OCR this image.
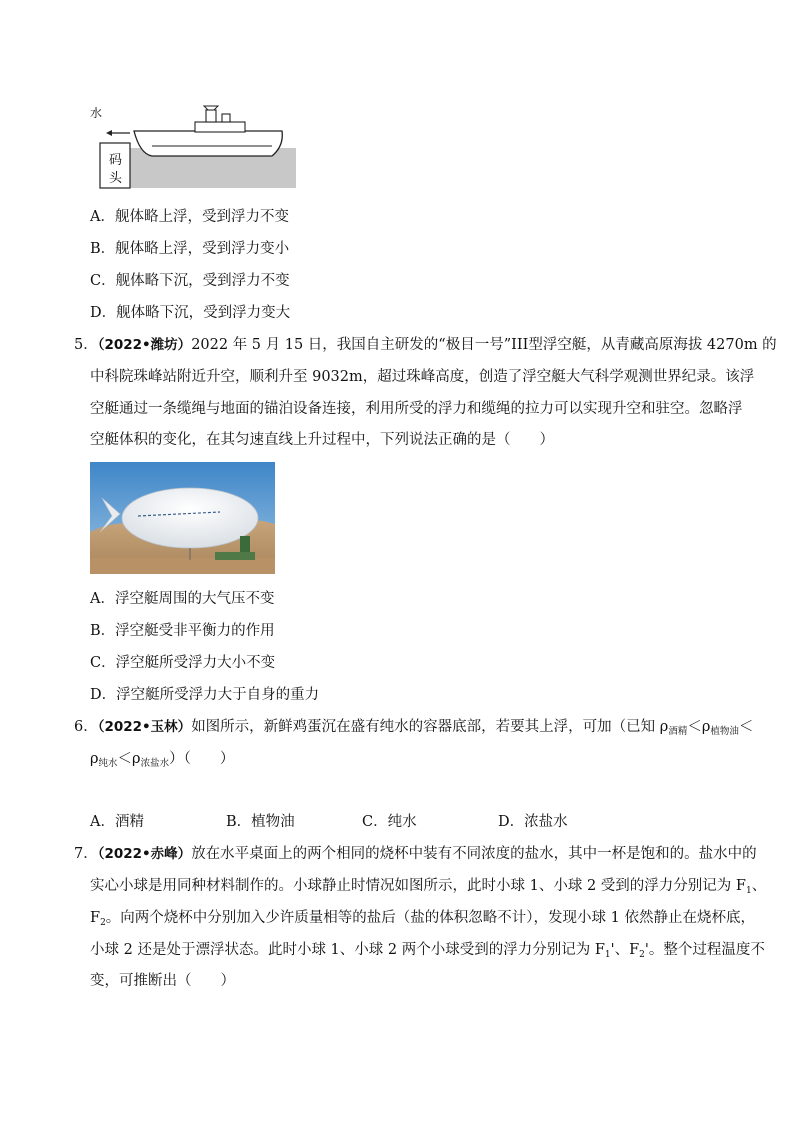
水
码
头
A．舰体略上浮，受到浮力不变
B．舰体略上浮，受到浮力变小
C．舰体略下沉，受到浮力不变
D．舰体略下沉，受到浮力变大
5．（2022•潍坊）2022 年 5 月 15 日，我国自主研发的“极目一号”III型浮空艇，从青藏高原海拔 4270m 的
中科院珠峰站附近升空，顺利升至 9032m，超过珠峰高度，创造了浮空艇大气科学观测世界纪录。该浮
空艇通过一条缆绳与地面的锚泊设备连接，利用所受的浮力和缆绳的拉力可以实现升空和驻空。忽略浮
空艇体积的变化，在其匀速直线上升过程中，下列说法正确的是（　　）
A．浮空艇周围的大气压不变
B．浮空艇受非平衡力的作用
C．浮空艇所受浮力大小不变
D．浮空艇所受浮力大于自身的重力
6．（2022•玉林）如图所示，新鲜鸡蛋沉在盛有纯水的容器底部，若要其上浮，可加（已知 $\rho_{酒精}<\rho_{植物油}<$
$\rho_{纯水}<\rho_{浓盐水}$）（　　）
A．酒精	B．植物油	C．纯水	D．浓盐水
7．（2022•赤峰）放在水平桌面上的两个相同的烧杯中装有不同浓度的盐水，其中一杯是饱和的。盐水中的
实心小球是用同种材料制作的。小球静止时情况如图所示，此时小球 1、小球 2 受到的浮力分别记为 $F_1$、
$F_2$。向两个烧杯中分别加入少许质量相等的盐后（盐的体积忽略不计），发现小球 1 依然静止在烧杯底，
小球 2 还是处于漂浮状态。此时小球 1、小球 2 两个小球受到的浮力分别记为 $F_1'$、$F_2'$。整个过程温度不
变，可推断出（　　）
